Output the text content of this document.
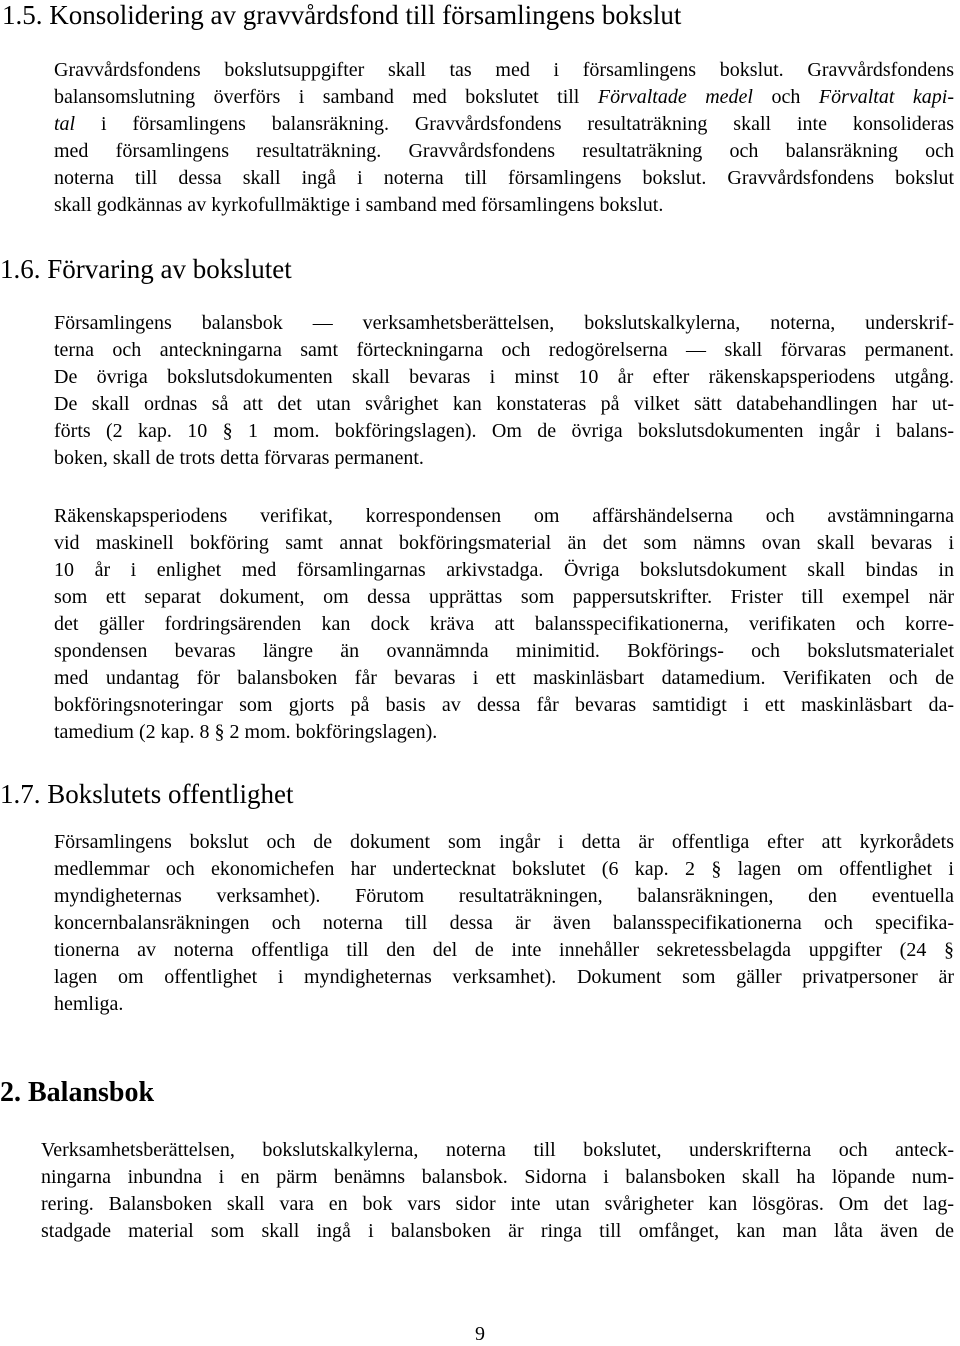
1.5. Konsolidering av gravvårdsfond till församlingens bokslut
Gravvårdsfondens bokslutsuppgifter skall tas med i församlingens bokslut. Gravvårdsfondens
balansomslutning överförs i samband med bokslutet till Förvaltade medel och Förvaltat kapi-
tal i församlingens balansräkning. Gravvårdsfondens resultaträkning skall inte konsolideras
med församlingens resultaträkning. Gravvårdsfondens resultaträkning och balansräkning och
noterna till dessa skall ingå i noterna till församlingens bokslut. Gravvårdsfondens bokslut
skall godkännas av kyrkofullmäktige i samband med församlingens bokslut.
1.6. Förvaring av bokslutet
Församlingens balansbok — verksamhetsberättelsen, bokslutskalkylerna, noterna, underskrif-
terna och anteckningarna samt förteckningarna och redogörelserna — skall förvaras permanent.
De övriga bokslutsdokumenten skall bevaras i minst 10 år efter räkenskapsperiodens utgång.
De skall ordnas så att det utan svårighet kan konstateras på vilket sätt databehandlingen har ut-
förts (2 kap. 10 § 1 mom. bokföringslagen). Om de övriga bokslutsdokumenten ingår i balans-
boken, skall de trots detta förvaras permanent.
Räkenskapsperiodens verifikat, korrespondensen om affärshändelserna och avstämningarna
vid maskinell bokföring samt annat bokföringsmaterial än det som nämns ovan skall bevaras i
10 år i enlighet med församlingarnas arkivstadga. Övriga bokslutsdokument skall bindas in
som ett separat dokument, om dessa upprättas som pappersutskrifter. Frister till exempel när
det gäller fordringsärenden kan dock kräva att balansspecifikationerna, verifikaten och korre-
spondensen bevaras längre än ovannämnda minimitid. Bokförings- och bokslutsmaterialet
med undantag för balansboken får bevaras i ett maskinläsbart datamedium. Verifikaten och de
bokföringsnoteringar som gjorts på basis av dessa får bevaras samtidigt i ett maskinläsbart da-
tamedium (2 kap. 8 § 2 mom. bokföringslagen).
1.7. Bokslutets offentlighet
Församlingens bokslut och de dokument som ingår i detta är offentliga efter att kyrkorådets
medlemmar och ekonomichefen har undertecknat bokslutet (6 kap. 2 § lagen om offentlighet i
myndigheternas verksamhet). Förutom resultaträkningen, balansräkningen, den eventuella
koncernbalansräkningen och noterna till dessa är även balansspecifikationerna och specifika-
tionerna av noterna offentliga till den del de inte innehåller sekretessbelagda uppgifter (24 §
lagen om offentlighet i myndigheternas verksamhet). Dokument som gäller privatpersoner är
hemliga.
2. Balansbok
Verksamhetsberättelsen, bokslutskalkylerna, noterna till bokslutet, underskrifterna och anteck-
ningarna inbundna i en pärm benämns balansbok. Sidorna i balansboken skall ha löpande num-
rering. Balansboken skall vara en bok vars sidor inte utan svårigheter kan lösgöras. Om det lag-
stadgade material som skall ingå i balansboken är ringa till omfånget, kan man låta även de
9
